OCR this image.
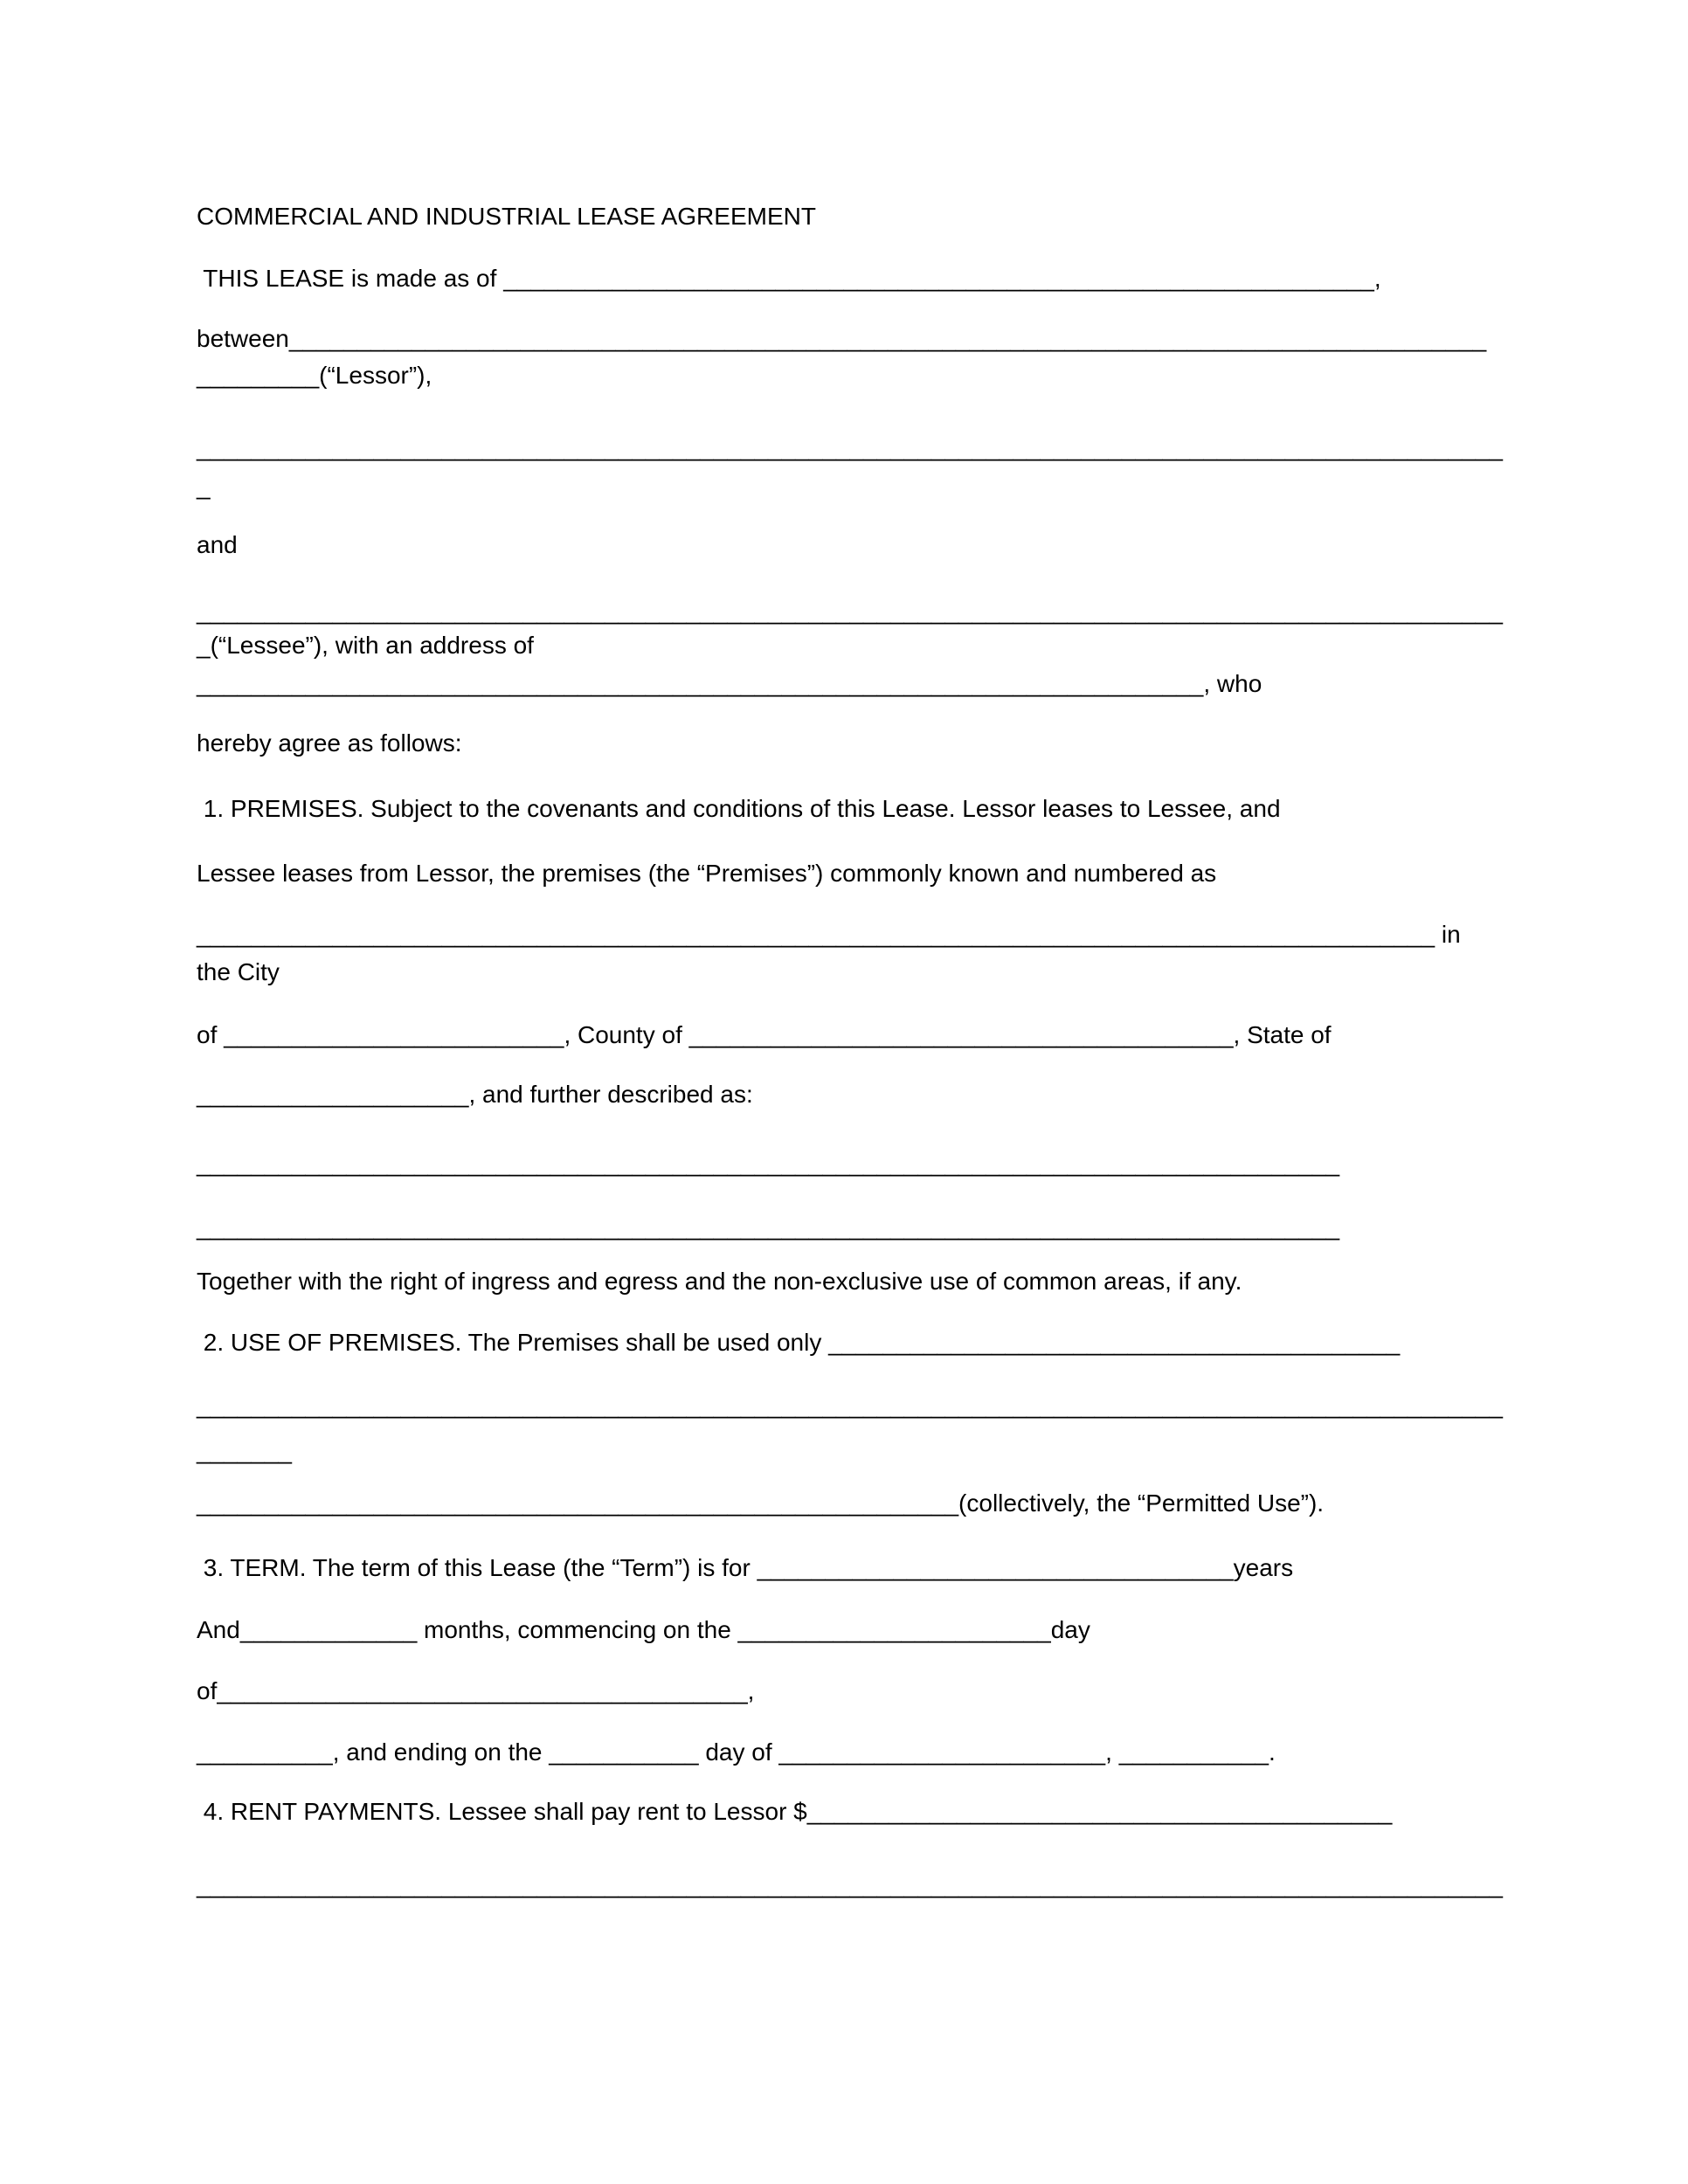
COMMERCIAL AND INDUSTRIAL LEASE AGREEMENT
THIS LEASE is made as of ________________________________________________________________,
between________________________________________________________________________________________
_________(“Lessor”),
________________________________________________________________________________________________
_
and
________________________________________________________________________________________________
_(“Lessee”), with an address of
__________________________________________________________________________, who
hereby agree as follows:
1. PREMISES. Subject to the covenants and conditions of this Lease. Lessor leases to Lessee, and
Lessee leases from Lessor, the premises (the “Premises”) commonly known and numbered as
___________________________________________________________________________________________ in
the City
of _________________________, County of ________________________________________, State of
____________________, and further described as:
____________________________________________________________________________________
____________________________________________________________________________________
Together with the right of ingress and egress and the non-exclusive use of common areas, if any.
2. USE OF PREMISES. The Premises shall be used only __________________________________________
________________________________________________________________________________________________
_______
________________________________________________________(collectively, the “Permitted Use”).
3. TERM. The term of this Lease (the “Term”) is for ___________________________________years
And_____________ months, commencing on the _______________________day
of_______________________________________,
__________, and ending on the ___________ day of ________________________, ___________.
4. RENT PAYMENTS. Lessee shall pay rent to Lessor $___________________________________________
________________________________________________________________________________________________
